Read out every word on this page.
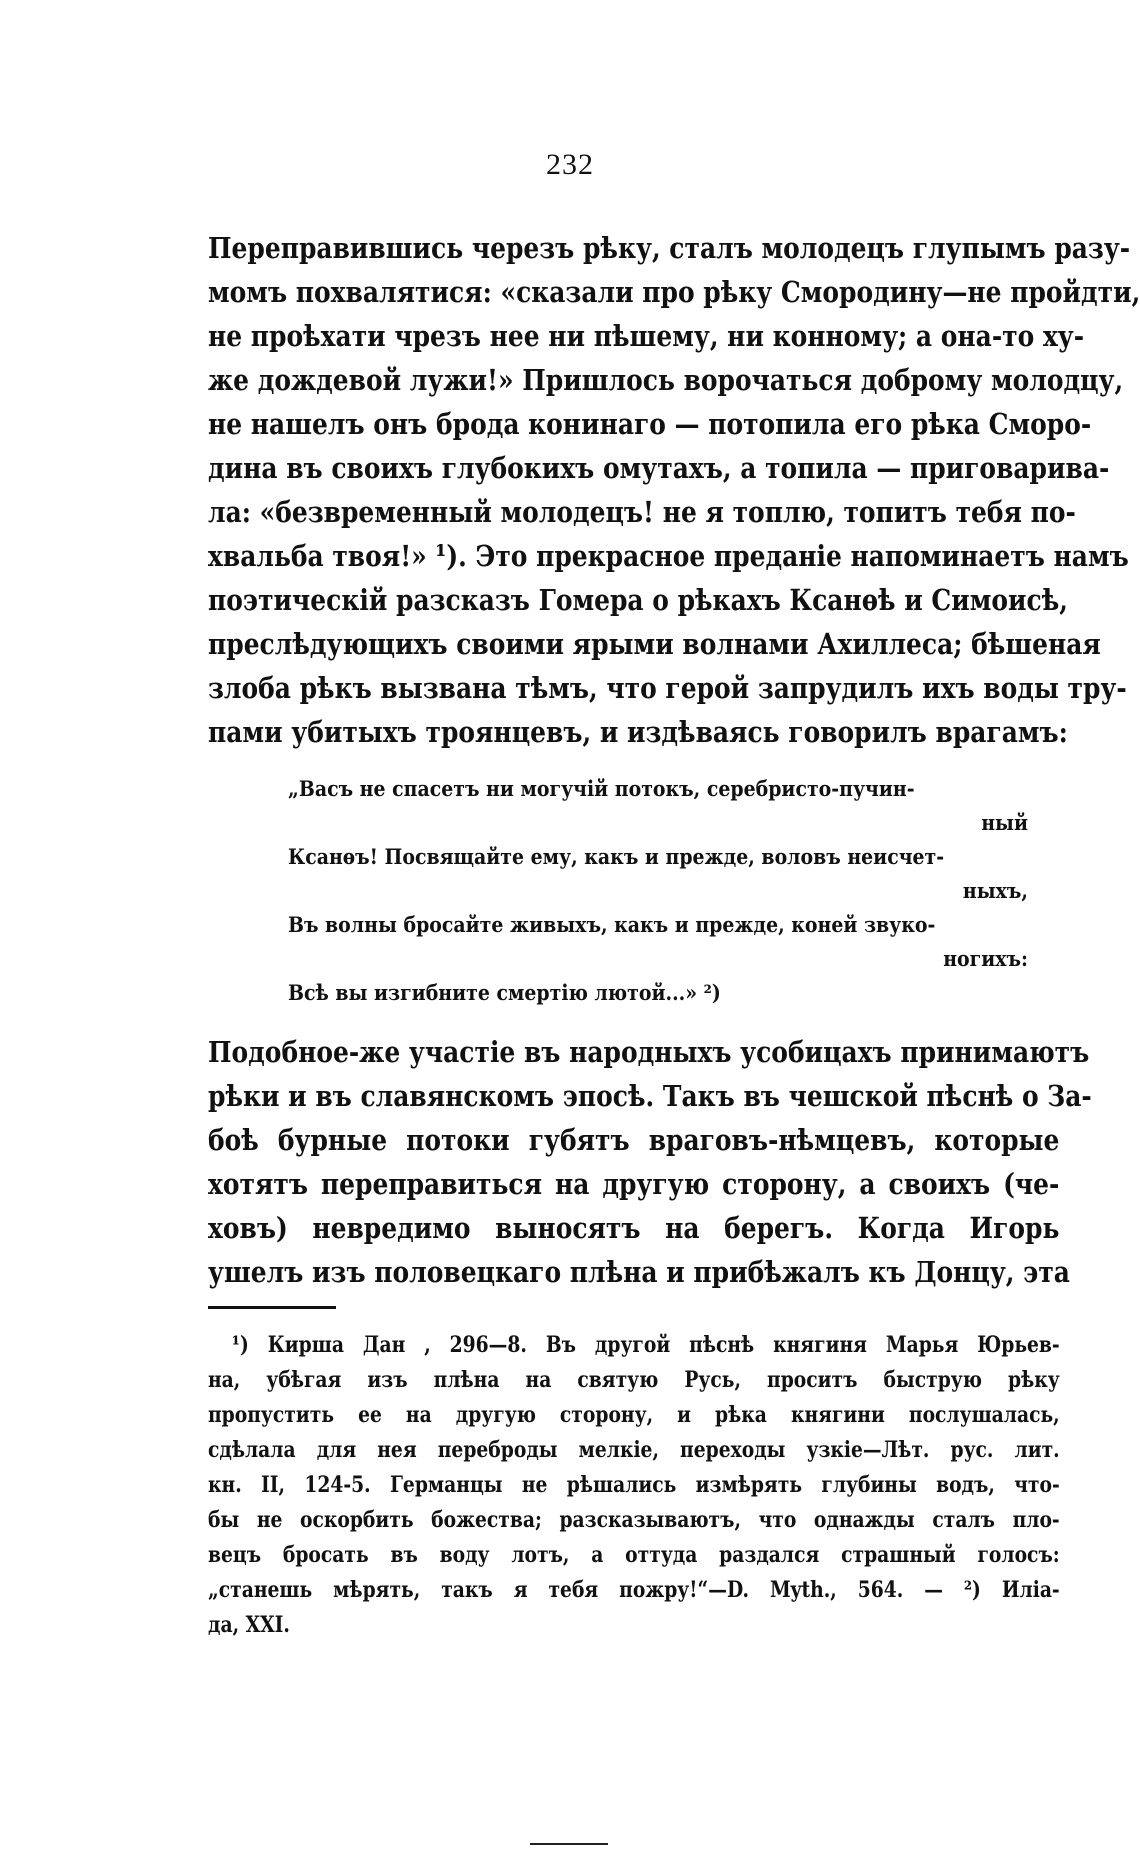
232
Переправившись черезъ рѣку, сталъ молодецъ глупымъ разу-
момъ похвалятися: «сказали про рѣку Смородину—не пройдти,
не проѣхати чрезъ нее ни пѣшему, ни конному; а она-то ху-
же дождевой лужи!» Пришлось ворочаться доброму молодцу,
не нашелъ онъ брода конинаго — потопила его рѣка Сморо-
дина въ своихъ глубокихъ омутахъ, а топила — приговарива-
ла: «безвременный молодецъ! не я топлю, топитъ тебя по-
хвальба твоя!» ¹). Это прекрасное преданіе напоминаетъ намъ
поэтическій разсказъ Гомера о рѣкахъ Ксанѳѣ и Симоисѣ,
преслѣдующихъ своими ярыми волнами Ахиллеса; бѣшеная
злоба рѣкъ вызвана тѣмъ, что герой запрудилъ ихъ воды тру-
пами убитыхъ троянцевъ, и издѣваясь говорилъ врагамъ:
„Васъ не спасетъ ни могучій потокъ, серебристо-пучин-
ный
Ксанѳъ! Посвящайте ему, какъ и прежде, воловъ неисчет-
ныхъ,
Въ волны бросайте живыхъ, какъ и прежде, коней звуко-
ногихъ:
Всѣ вы изгибните смертію лютой...» ²)
Подобное-же участіе въ народныхъ усобицахъ принимаютъ
рѣки и въ славянскомъ эпосѣ. Такъ въ чешской пѣснѣ о За-
боѣ бурные потоки губятъ враговъ-нѣмцевъ, которые
хотятъ переправиться на другую сторону, а своихъ (че-
ховъ) невредимо выносятъ на берегъ. Когда Игорь
ушелъ изъ половецкаго плѣна и прибѣжалъ къ Донцу, эта
¹) Кирша Дан , 296—8. Въ другой пѣснѣ княгиня Марья Юрьев-
на, убѣгая изъ плѣна на святую Русь, проситъ быструю рѣку
пропустить ее на другую сторону, и рѣка княгини послушалась,
сдѣлала для нея переброды мелкіе, переходы узкіе—Лѣт. рус. лит.
кн. II, 124-5. Германцы не рѣшались измѣрять глубины водъ, что-
бы не оскорбить божества; разсказываютъ, что однажды сталъ пло-
вецъ бросать въ воду лотъ, а оттуда раздался страшный голосъ:
„станешь мѣрять, такъ я тебя пожру!“—D. Myth., 564. — ²) Иліа-
да, XXI.
